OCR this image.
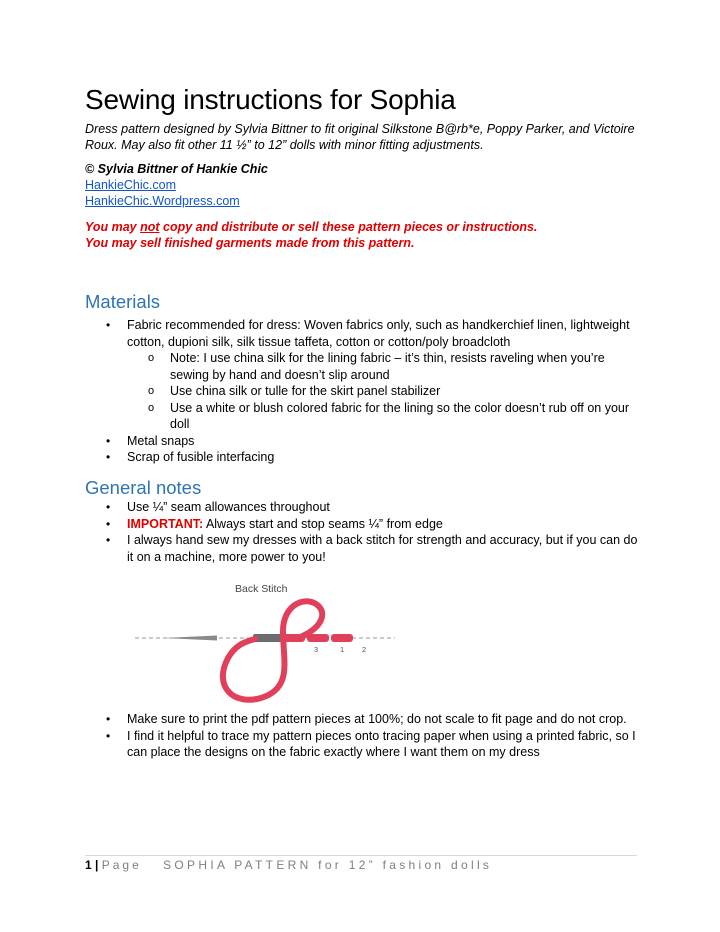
Sewing instructions for Sophia
Dress pattern designed by Sylvia Bittner to fit original Silkstone B@rb*e, Poppy Parker, and Victoire Roux. May also fit other 11 ½” to 12” dolls with minor fitting adjustments.
© Sylvia Bittner of Hankie Chic
HankieChic.com
HankieChic.Wordpress.com
You may not copy and distribute or sell these pattern pieces or instructions.
You may sell finished garments made from this pattern.
Materials
• Fabric recommended for dress: Woven fabrics only, such as handkerchief linen, lightweight cotton, dupioni silk, silk tissue taffeta, cotton or cotton/poly broadcloth
o Note: I use china silk for the lining fabric – it’s thin, resists raveling when you’re sewing by hand and doesn’t slip around
o Use china silk or tulle for the skirt panel stabilizer
o Use a white or blush colored fabric for the lining so the color doesn’t rub off on your doll
• Metal snaps
• Scrap of fusible interfacing
General notes
• Use ¼” seam allowances throughout
• IMPORTANT: Always start and stop seams ¼” from edge
• I always hand sew my dresses with a back stitch for strength and accuracy, but if you can do it on a machine, more power to you!
Back Stitch
3	1 2
• Make sure to print the pdf pattern pieces at 100%; do not scale to fit page and do not crop.
• I find it helpful to trace my pattern pieces onto tracing paper when using a printed fabric, so I can place the designs on the fabric exactly where I want them on my dress
1 | Page SOPHIA PATTERN for 12” fashion dolls
